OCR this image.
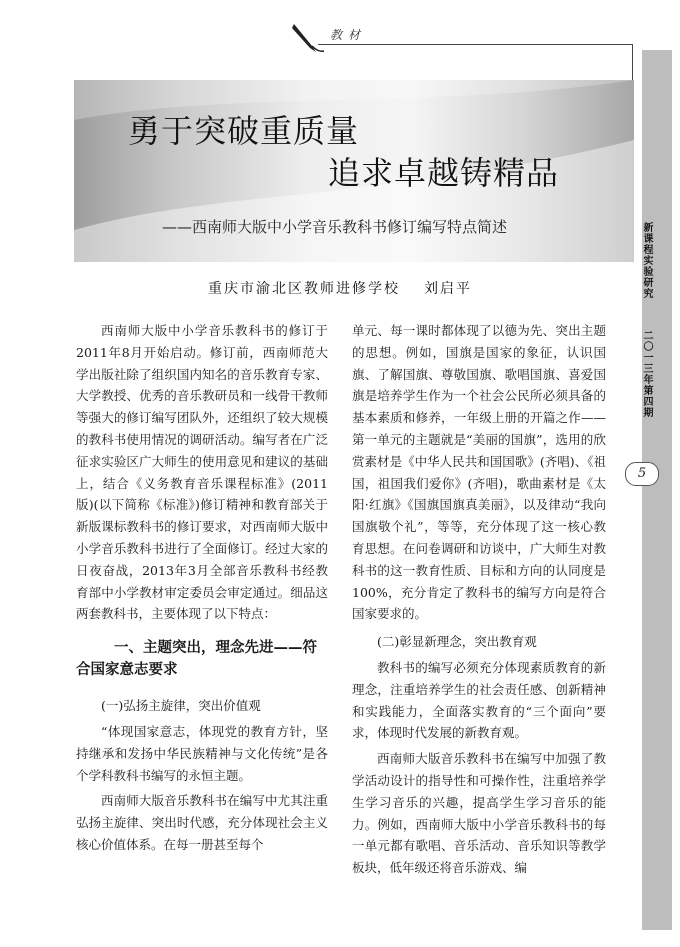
教材
勇于突破重质量
追求卓越铸精品
——西南师大版中小学音乐教科书修订编写特点简述	新课程实验研究
二〇一三年第四期
5
重庆市渝北区教师进修学校 刘启平

西南师大版中小学音乐教科书的修订于2011年8月开始启动。修订前，西南师范大学出版社除了组织国内知名的音乐教育专家、大学教授、优秀的音乐教研员和一线骨干教师等强大的修订编写团队外，还组织了较大规模的教科书使用情况的调研活动。编写者在广泛征求实验区广大师生的使用意见和建议的基础上，结合《义务教育音乐课程标准》(2011版)(以下简称《标准》)修订精神和教育部关于新版课标教科书的修订要求，对西南师大版中小学音乐教科书进行了全面修订。经过大家的日夜奋战，2013年3月全部音乐教科书经教育部中小学教材审定委员会审定通过。细品这两套教科书，主要体现了以下特点：

一、主题突出，理念先进——符
合国家意志要求

(一)弘扬主旋律，突出价值观

“体现国家意志，体现党的教育方针，坚持继承和发扬中华民族精神与文化传统”是各个学科教科书编写的永恒主题。

西南师大版音乐教科书在编写中尤其注重弘扬主旋律、突出时代感，充分体现社会主义核心价值体系。在每一册甚至每个

单元、每一课时都体现了以德为先、突出主题的思想。例如，国旗是国家的象征，认识国旗、了解国旗、尊敬国旗、歌唱国旗、喜爱国旗是培养学生作为一个社会公民所必须具备的基本素质和修养，一年级上册的开篇之作——第一单元的主题就是“美丽的国旗”，选用的欣赏素材是《中华人民共和国国歌》(齐唱)、《祖国，祖国我们爱你》(齐唱)，歌曲素材是《太阳·红旗》《国旗国旗真美丽》，以及律动“我向国旗敬个礼”，等等，充分体现了这一核心教育思想。在问卷调研和访谈中，广大师生对教科书的这一教育性质、目标和方向的认同度是100%，充分肯定了教科书的编写方向是符合国家要求的。

(二)彰显新理念，突出教育观

教科书的编写必须充分体现素质教育的新理念，注重培养学生的社会责任感、创新精神和实践能力，全面落实教育的“三个面向”要求，体现时代发展的新教育观。

西南师大版音乐教科书在编写中加强了教学活动设计的指导性和可操作性，注重培养学生学习音乐的兴趣，提高学生学习音乐的能力。例如，西南师大版中小学音乐教科书的每一单元都有歌唱、音乐活动、音乐知识等教学板块，低年级还将音乐游戏、编
